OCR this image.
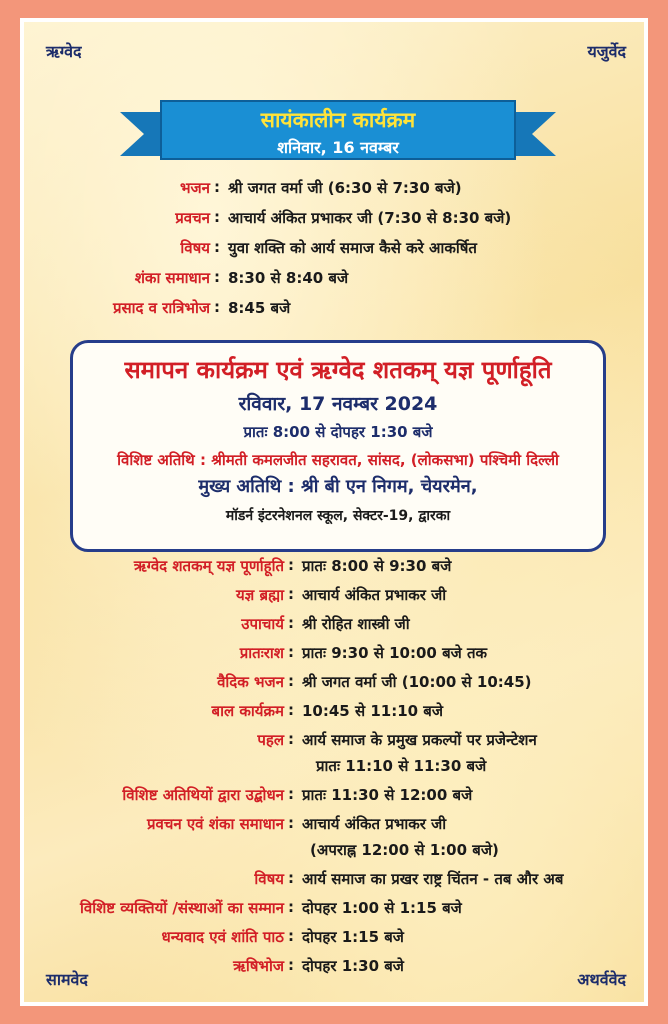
ऋग्वेद	यजुर्वेद
सामवेद	अथर्ववेद
सायंकालीन कार्यक्रम
शनिवार, 16 नवम्बर
भजन : श्री जगत वर्मा जी (6:30 से 7:30 बजे)
प्रवचन : आचार्य अंकित प्रभाकर जी (7:30 से 8:30 बजे)
विषय : युवा शक्ति को आर्य समाज कैसे करे आकर्षित
शंका समाधान : 8:30 से 8:40 बजे
प्रसाद व रात्रिभोज : 8:45 बजे
समापन कार्यक्रम एवं ऋग्वेद शतकम् यज्ञ पूर्णाहूति
रविवार, 17 नवम्बर 2024
प्रातः 8:00 से दोपहर 1:30 बजे
विशिष्ट अतिथि : श्रीमती कमलजीत सहरावत, सांसद, (लोकसभा) पश्चिमी दिल्ली
मुख्य अतिथि : श्री बी एन निगम, चेयरमेन,
मॉडर्न इंटरनेशनल स्कूल, सेक्टर-19, द्वारका
ऋग्वेद शतकम् यज्ञ पूर्णाहूति : प्रातः 8:00 से 9:30 बजे
यज्ञ ब्रह्मा : आचार्य अंकित प्रभाकर जी
उपाचार्य : श्री रोहित शास्त्री जी
प्रातःराश : प्रातः 9:30 से 10:00 बजे तक
वैदिक भजन : श्री जगत वर्मा जी (10:00 से 10:45)
बाल कार्यक्रम : 10:45 से 11:10 बजे
पहल : आर्य समाज के प्रमुख प्रकल्पों पर प्रजेन्टेशन
प्रातः 11:10 से 11:30 बजे
विशिष्ट अतिथियों द्वारा उद्बोधन : प्रातः 11:30 से 12:00 बजे
प्रवचन एवं शंका समाधान : आचार्य अंकित प्रभाकर जी
(अपराह्न 12:00 से 1:00 बजे)
विषय : आर्य समाज का प्रखर राष्ट्र चिंतन - तब और अब
विशिष्ट व्यक्तियों /संस्थाओं का सम्मान : दोपहर 1:00 से 1:15 बजे
धन्यवाद एवं शांति पाठ : दोपहर 1:15 बजे
ऋषिभोज : दोपहर 1:30 बजे
